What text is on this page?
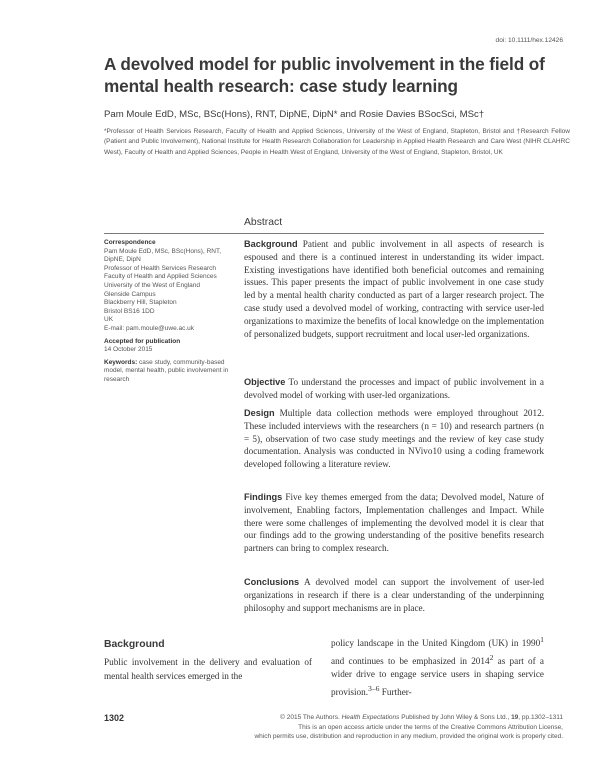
doi: 10.1111/hex.12426
A devolved model for public involvement in the field of mental health research: case study learning
Pam Moule EdD, MSc, BSc(Hons), RNT, DipNE, DipN* and Rosie Davies BSocSci, MSc†
*Professor of Health Services Research, Faculty of Health and Applied Sciences, University of the West of England, Stapleton, Bristol and †Research Fellow (Patient and Public Involvement), National Institute for Health Research Collaboration for Leadership in Applied Health Research and Care West (NIHR CLAHRC West), Faculty of Health and Applied Sciences, People in Health West of England, University of the West of England, Stapleton, Bristol, UK
Abstract
Correspondence
Pam Moule EdD, MSc, BSc(Hons), RNT,
DipNE, DipN
Professor of Health Services Research
Faculty of Health and Applied Sciences
University of the West of England
Glenside Campus
Blackberry Hill, Stapleton
Bristol BS16 1DD
UK
E-mail: pam.moule@uwe.ac.uk
Accepted for publication
14 October 2015
Keywords: case study, community-based model, mental health, public involvement in research

Background Patient and public involvement in all aspects of research is espoused and there is a continued interest in understanding its wider impact. Existing investigations have identified both beneficial outcomes and remaining issues. This paper presents the impact of public involvement in one case study led by a mental health charity conducted as part of a larger research project. The case study used a devolved model of working, contracting with service user-led organizations to maximize the benefits of local knowledge on the implementation of personalized budgets, support recruitment and local user-led organizations.

Objective To understand the processes and impact of public involvement in a devolved model of working with user-led organizations.

Design Multiple data collection methods were employed throughout 2012. These included interviews with the researchers (n = 10) and research partners (n = 5), observation of two case study meetings and the review of key case study documentation. Analysis was conducted in NVivo10 using a coding framework developed following a literature review.

Findings Five key themes emerged from the data; Devolved model, Nature of involvement, Enabling factors, Implementation challenges and Impact. While there were some challenges of implementing the devolved model it is clear that our findings add to the growing understanding of the positive benefits research partners can bring to complex research.

Conclusions A devolved model can support the involvement of user-led organizations in research if there is a clear understanding of the underpinning philosophy and support mechanisms are in place.

Background

Public involvement in the delivery and evaluation of mental health services emerged in the

policy landscape in the United Kingdom (UK) in 1990$^1$ and continues to be emphasized in 2014$^2$ as part of a wider drive to engage service users in shaping service provision.$^{3-6}$ Further-

1302	© 2015 The Authors. Health Expectations Published by John Wiley & Sons Ltd., 19, pp.1302–1311
This is an open access article under the terms of the Creative Commons Attribution License,
which permits use, distribution and reproduction in any medium, provided the original work is properly cited.
